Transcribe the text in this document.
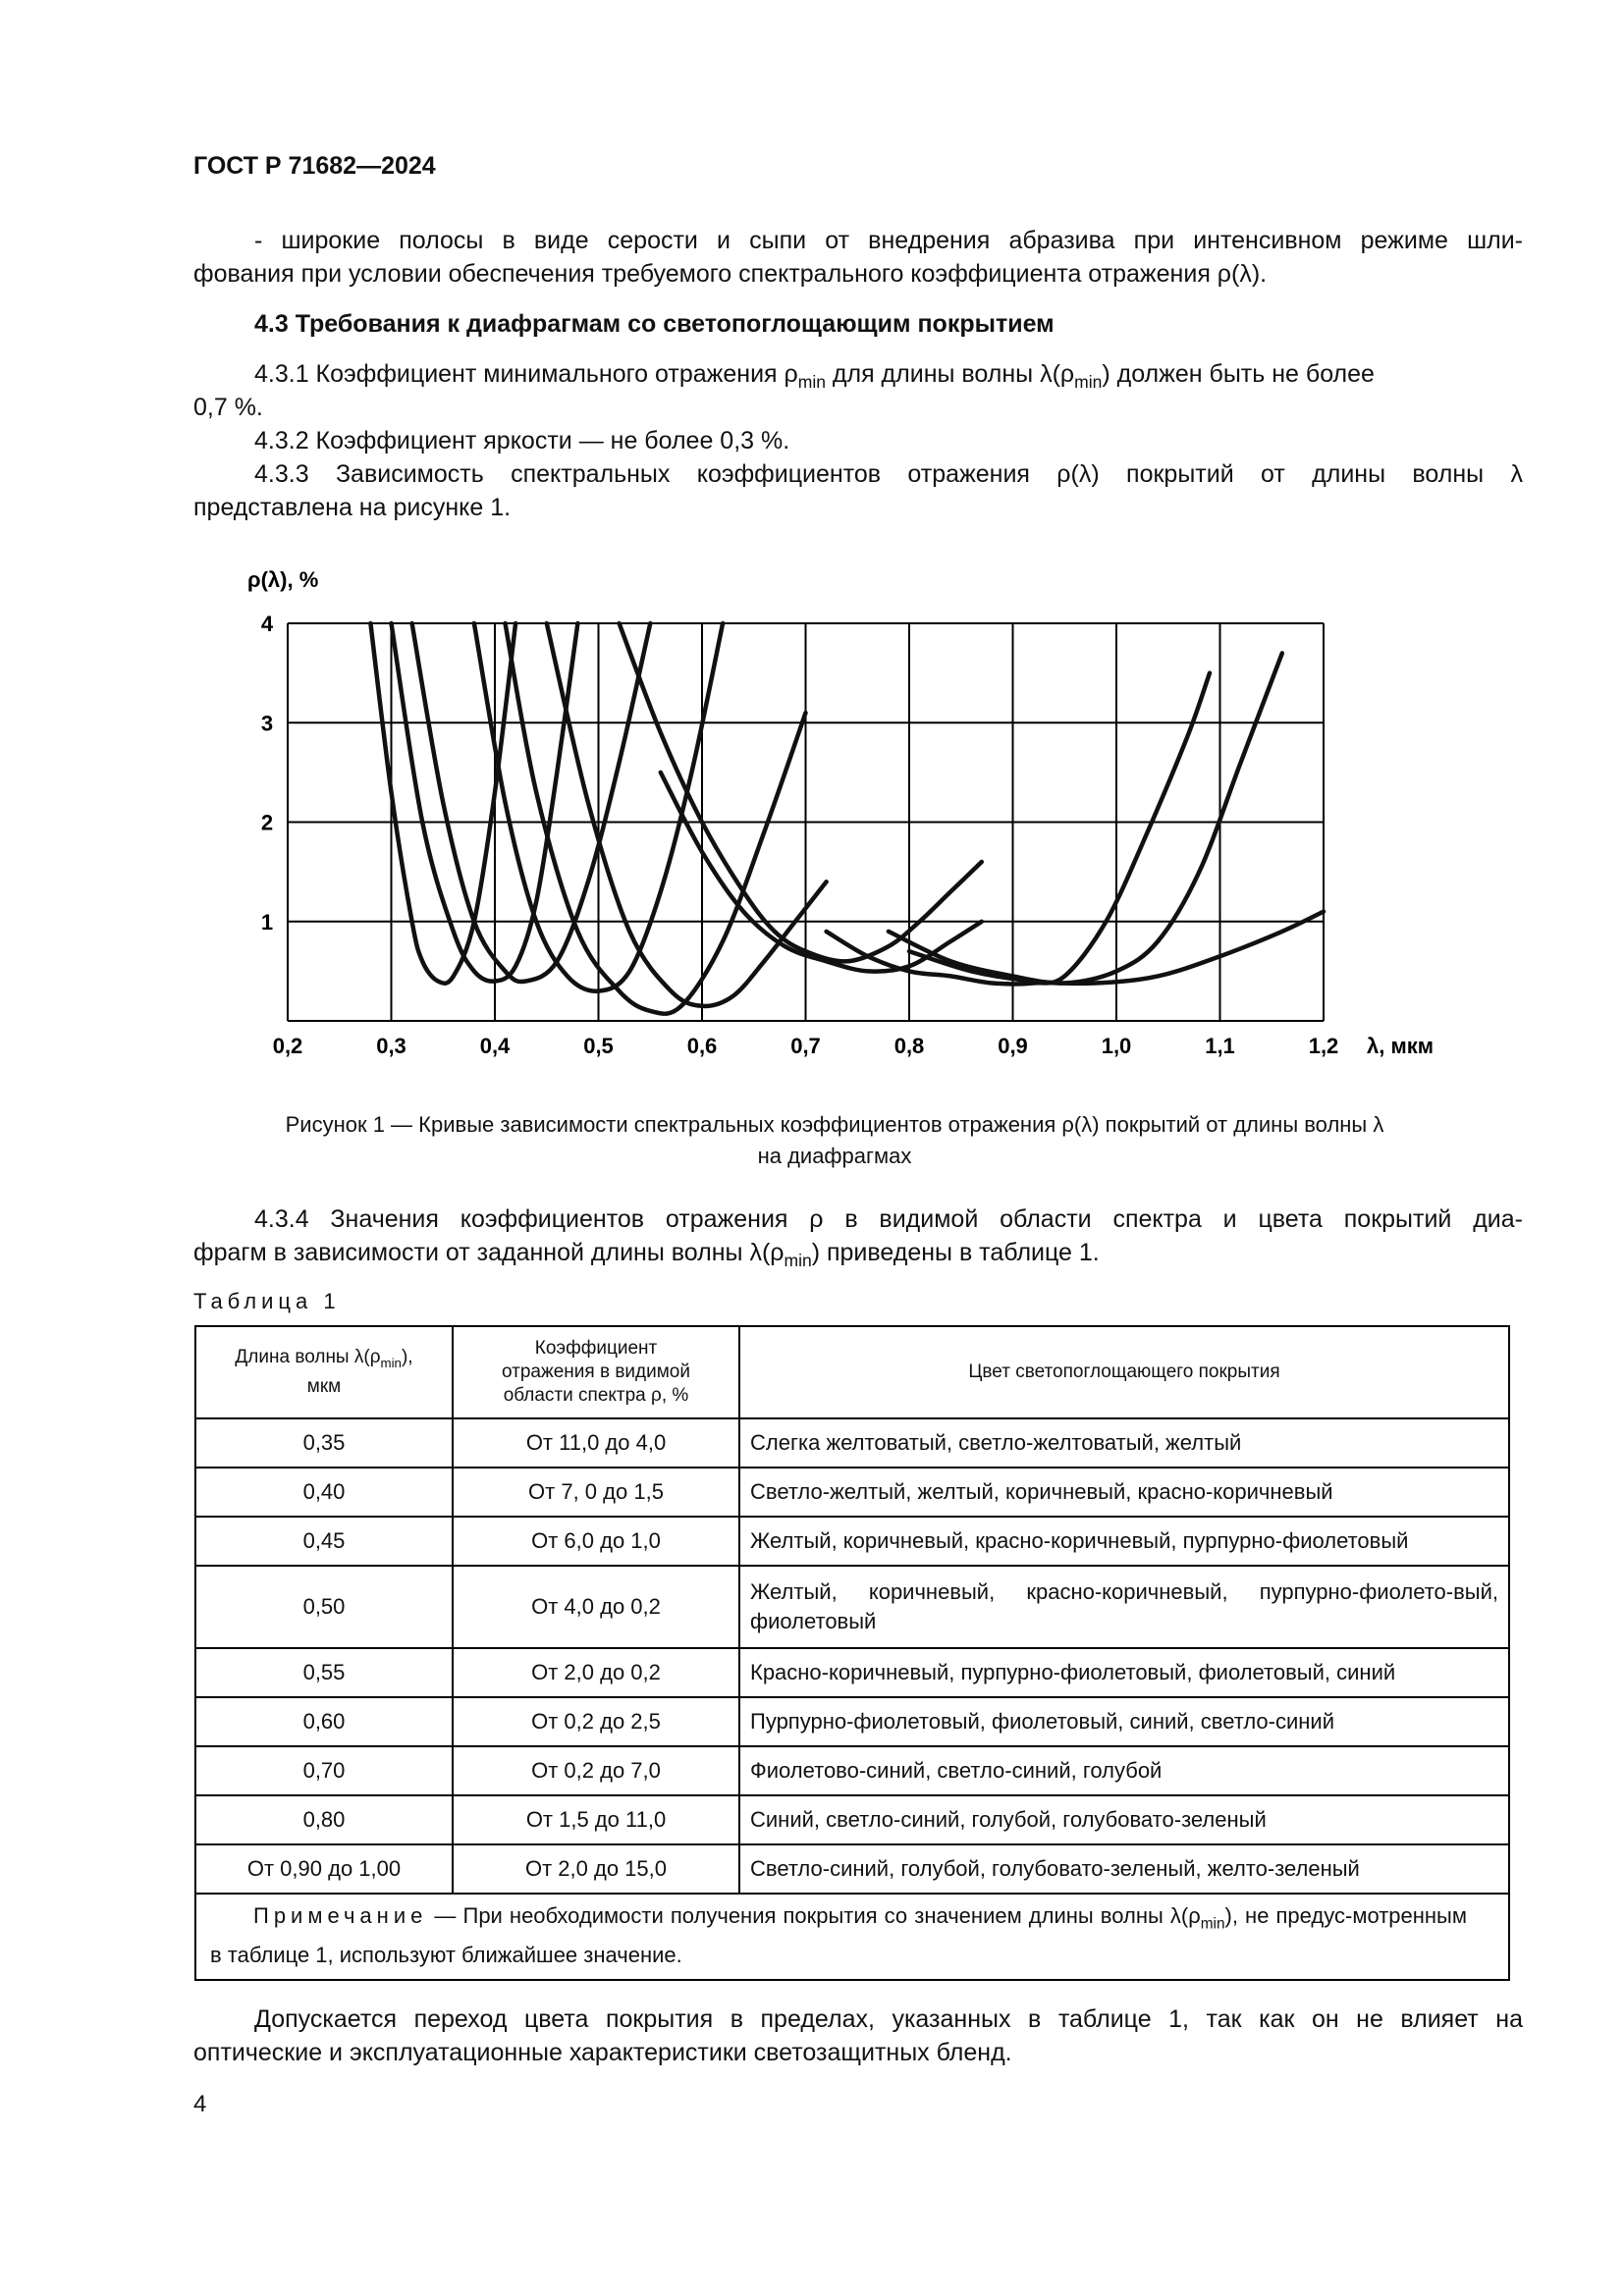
ГОСТ Р 71682—2024
- широкие полосы в виде серости и сыпи от внедрения абразива при интенсивном режиме шли-
фования при условии обеспечения требуемого спектрального коэффициента отражения ρ(λ).
4.3 Требования к диафрагмам со светопоглощающим покрытием
4.3.1 Коэффициент минимального отражения $\rho_{min}$ для длины волны $\lambda(\rho_{min})$ должен быть не более
0,7 %.
4.3.2 Коэффициент яркости — не более 0,3 %.
4.3.3 Зависимость спектральных коэффициентов отражения ρ(λ) покрытий от длины волны λ
представлена на рисунке 1.
0,2	0,3	0,4	0,5	0,6	0,7	0,8	0,9	1,0	1,1	1,2
1
2
3
4
ρ(λ), %
λ, мкм
Рисунок 1 — Кривые зависимости спектральных коэффициентов отражения ρ(λ) покрытий от длины волны λ
на диафрагмах
4.3.4 Значения коэффициентов отражения ρ в видимой области спектра и цвета покрытий диа-
фрагм в зависимости от заданной длины волны $\lambda(\rho_{min})$ приведены в таблице 1.
Таблица 1
Длина волны $\lambda(\rho_{min})$,
мкм	Коэффициент
отражения в видимой
области спектра ρ, %	Цвет светопоглощающего покрытия
0,35	От 11,0 до 4,0	Слегка желтоватый, светло-желтоватый, желтый
0,40	От 7, 0 до 1,5	Светло-желтый, желтый, коричневый, красно-коричневый
0,45	От 6,0 до 1,0	Желтый, коричневый, красно-коричневый, пурпурно-фиолетовый
0,50	От 4,0 до 0,2	Желтый, коричневый, красно-коричневый, пурпурно-фиолето-вый, фиолетовый
0,55	От 2,0 до 0,2	Красно-коричневый, пурпурно-фиолетовый, фиолетовый, синий
0,60	От 0,2 до 2,5	Пурпурно-фиолетовый, фиолетовый, синий, светло-синий
0,70	От 0,2 до 7,0	Фиолетово-синий, светло-синий, голубой
0,80	От 1,5 до 11,0	Синий, светло-синий, голубой, голубовато-зеленый
От 0,90 до 1,00	От 2,0 до 15,0	Светло-синий, голубой, голубовато-зеленый, желто-зеленый
Примечание — При необходимости получения покрытия со значением длины волны $\lambda(\rho_{min})$, не предус-мотренным в таблице 1, используют ближайшее значение.		
Допускается переход цвета покрытия в пределах, указанных в таблице 1, так как он не влияет на
оптические и эксплуатационные характеристики светозащитных бленд.
4
